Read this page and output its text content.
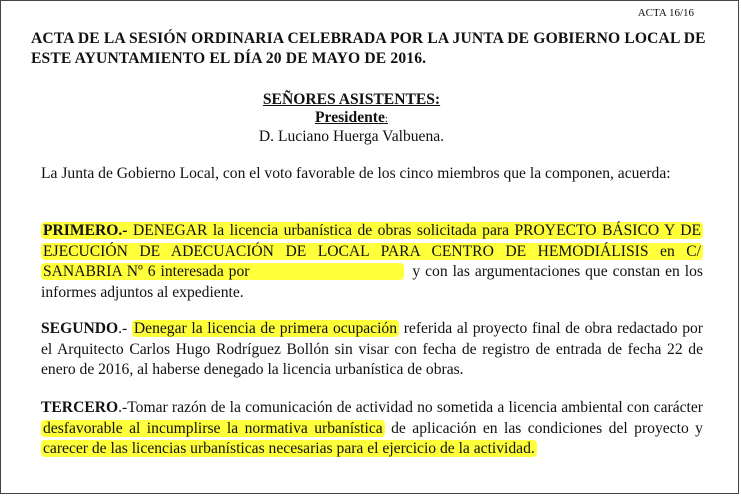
ACTA 16/16
ACTA DE LA SESIÓN ORDINARIA CELEBRADA POR LA JUNTA DE GOBIERNO LOCAL DE ESTE AYUNTAMIENTO EL DÍA 20 DE MAYO DE 2016.
SEÑORES ASISTENTES:
Presidente:
D. Luciano Huerga Valbuena.
La Junta de Gobierno Local, con el voto favorable de los cinco miembros que la componen, acuerda:
PRIMERO.- DENEGAR la licencia urbanística de obras solicitada para PROYECTO BÁSICO Y DE EJECUCIÓN DE ADECUACIÓN DE LOCAL PARA CENTRO DE HEMODIÁLISIS en C/ SANABRIA Nº 6 interesada por	y con las argumentaciones que constan en los informes adjuntos al expediente.
SEGUNDO.- Denegar la licencia de primera ocupación referida al proyecto final de obra redactado por el Arquitecto Carlos Hugo Rodríguez Bollón sin visar con fecha de registro de entrada de fecha 22 de enero de 2016, al haberse denegado la licencia urbanística de obras.
TERCERO.-Tomar razón de la comunicación de actividad no sometida a licencia ambiental con carácter desfavorable al incumplirse la normativa urbanística de aplicación en las condiciones del proyecto y carecer de las licencias urbanísticas necesarias para el ejercicio de la actividad.
